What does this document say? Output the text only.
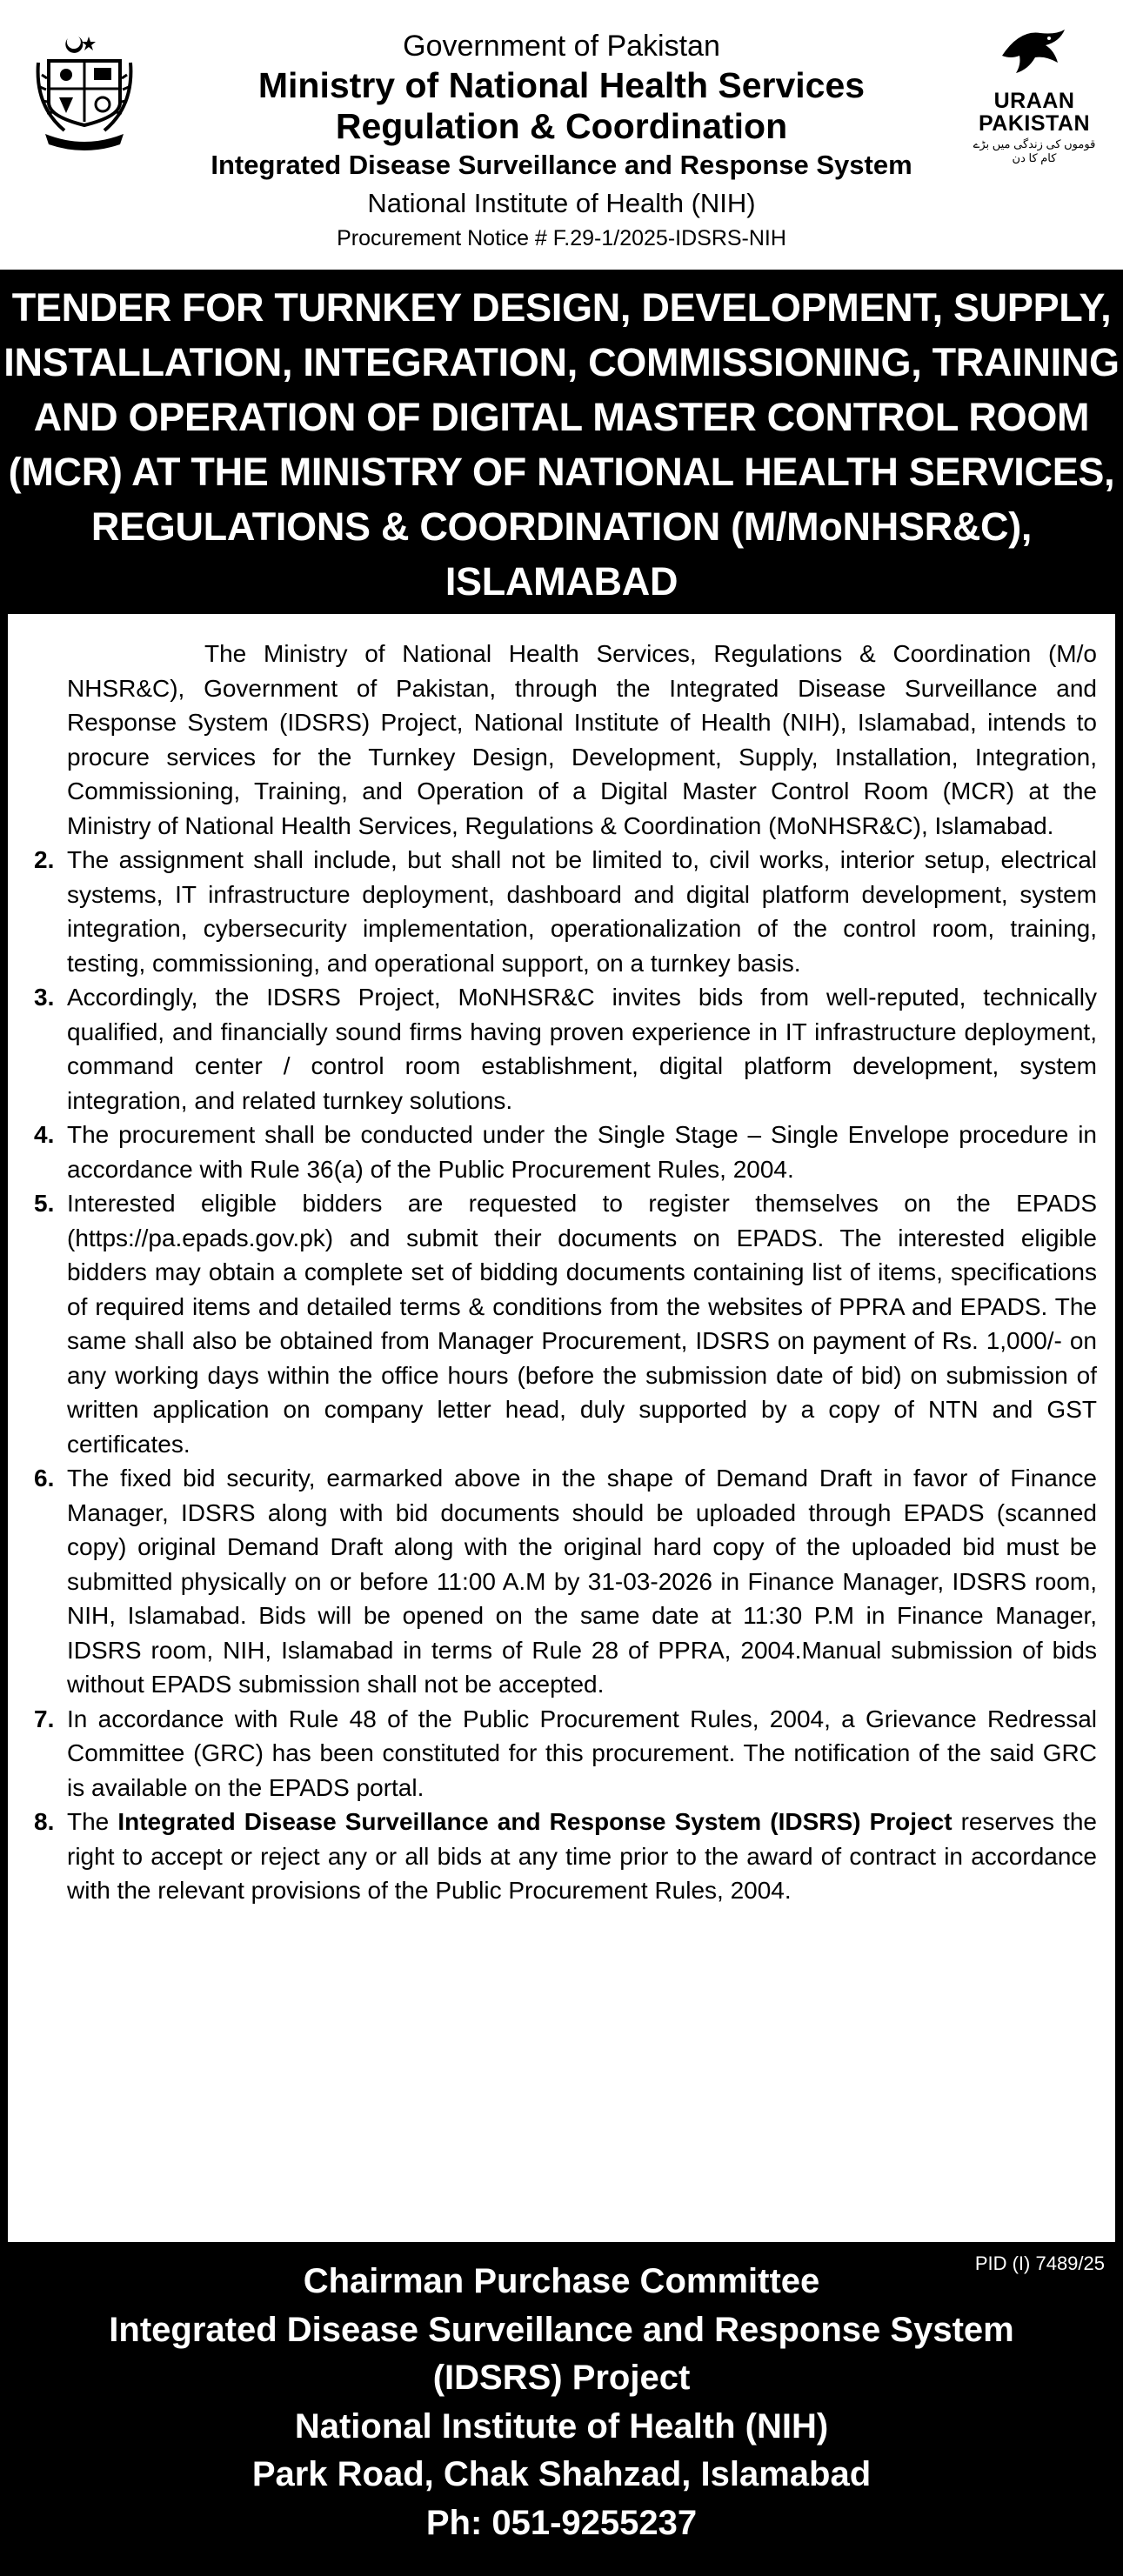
Government of Pakistan
Ministry of National Health Services
Regulation & Coordination
Integrated Disease Surveillance and Response System
National Institute of Health (NIH)
Procurement Notice # F.29-1/2025-IDSRS-NIH
URAAN
PAKISTAN
قوموں کی زندگی میں بڑے کام کا دن
TENDER FOR TURNKEY DESIGN, DEVELOPMENT, SUPPLY,
INSTALLATION, INTEGRATION, COMMISSIONING, TRAINING
AND OPERATION OF DIGITAL MASTER CONTROL ROOM
(MCR) AT THE MINISTRY OF NATIONAL HEALTH SERVICES,
REGULATIONS & COORDINATION (M/MoNHSR&C),
ISLAMABAD

The Ministry of National Health Services, Regulations & Coordination (M/o NHSR&C), Government of Pakistan, through the Integrated Disease Surveillance and Response System (IDSRS) Project, National Institute of Health (NIH), Islamabad, intends to procure services for the Turnkey Design, Development, Supply, Installation, Integration, Commissioning, Training, and Operation of a Digital Master Control Room (MCR) at the Ministry of National Health Services, Regulations & Coordination (MoNHSR&C), Islamabad.

2. The assignment shall include, but shall not be limited to, civil works, interior setup, electrical systems, IT infrastructure deployment, dashboard and digital platform development, system integration, cybersecurity implementation, operationalization of the control room, training, testing, commissioning, and operational support, on a turnkey basis.

3. Accordingly, the IDSRS Project, MoNHSR&C invites bids from well-reputed, technically qualified, and financially sound firms having proven experience in IT infrastructure deployment, command center / control room establishment, digital platform development, system integration, and related turnkey solutions.

4. The procurement shall be conducted under the Single Stage – Single Envelope procedure in accordance with Rule 36(a) of the Public Procurement Rules, 2004.

5. Interested eligible bidders are requested to register themselves on the EPADS (https://pa.epads.gov.pk) and submit their documents on EPADS. The interested eligible bidders may obtain a complete set of bidding documents containing list of items, specifications of required items and detailed terms & conditions from the websites of PPRA and EPADS. The same shall also be obtained from Manager Procurement, IDSRS on payment of Rs. 1,000/- on any working days within the office hours (before the submission date of bid) on submission of written application on company letter head, duly supported by a copy of NTN and GST certificates.

6. The fixed bid security, earmarked above in the shape of Demand Draft in favor of Finance Manager, IDSRS along with bid documents should be uploaded through EPADS (scanned copy) original Demand Draft along with the original hard copy of the uploaded bid must be submitted physically on or before 11:00 A.M by 31-03-2026 in Finance Manager, IDSRS room, NIH, Islamabad. Bids will be opened on the same date at 11:30 P.M in Finance Manager, IDSRS room, NIH, Islamabad in terms of Rule 28 of PPRA, 2004.Manual submission of bids without EPADS submission shall not be accepted.

7. In accordance with Rule 48 of the Public Procurement Rules, 2004, a Grievance Redressal Committee (GRC) has been constituted for this procurement. The notification of the said GRC is available on the EPADS portal.

8. The Integrated Disease Surveillance and Response System (IDSRS) Project reserves the right to accept or reject any or all bids at any time prior to the award of contract in accordance with the relevant provisions of the Public Procurement Rules, 2004.

PID (I) 7489/25
Chairman Purchase Committee
Integrated Disease Surveillance and Response System
(IDSRS) Project
National Institute of Health (NIH)
Park Road, Chak Shahzad, Islamabad
Ph: 051-9255237
